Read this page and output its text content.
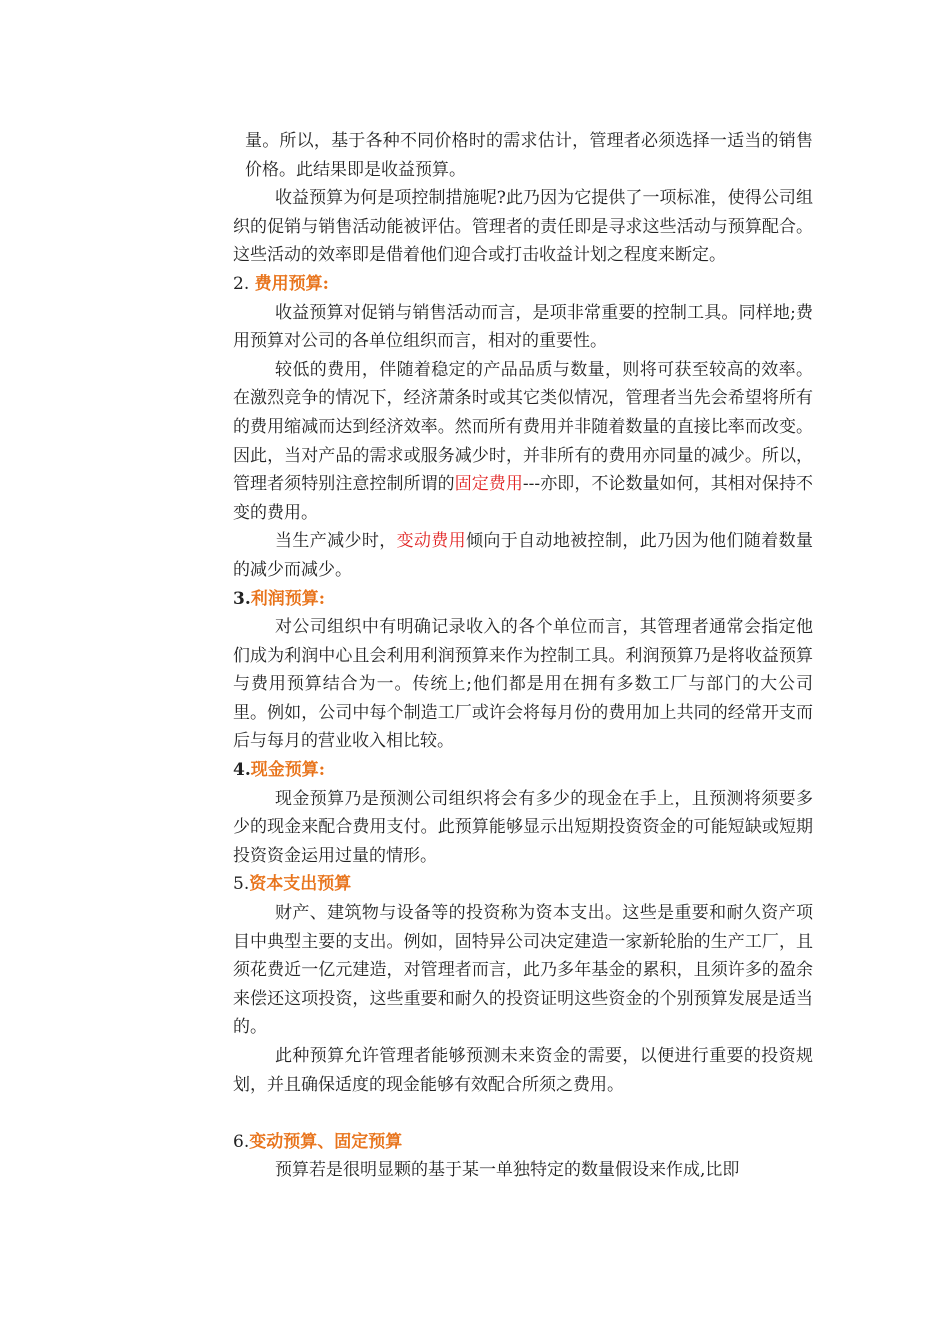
量。所以，基于各种不同价格时的需求估计，管理者必须选择一适当的销售价格。此结果即是收益预算。

收益预算为何是项控制措施呢?此乃因为它提供了一项标准，使得公司组织的促销与销售活动能被评估。管理者的责任即是寻求这些活动与预算配合。这些活动的效率即是借着他们迎合或打击收益计划之程度来断定。

2. 费用预算:

收益预算对促销与销售活动而言，是项非常重要的控制工具。同样地;费用预算对公司的各单位组织而言，相对的重要性。

较低的费用，伴随着稳定的产品品质与数量，则将可获至较高的效率。在激烈竞争的情况下，经济萧条时或其它类似情况，管理者当先会希望将所有的费用缩减而达到经济效率。然而所有费用并非随着数量的直接比率而改变。因此，当对产品的需求或服务减少时，并非所有的费用亦同量的减少。所以，管理者须特别注意控制所谓的固定费用---亦即，不论数量如何，其相对保持不变的费用。

当生产减少时，变动费用倾向于自动地被控制，此乃因为他们随着数量的减少而减少。

3.利润预算:

对公司组织中有明确记录收入的各个单位而言，其管理者通常会指定他们成为利润中心且会利用利润预算来作为控制工具。利润预算乃是将收益预算与费用预算结合为一。传统上;他们都是用在拥有多数工厂与部门的大公司里。例如，公司中每个制造工厂或许会将每月份的费用加上共同的经常开支而后与每月的营业收入相比较。

4.现金预算:

现金预算乃是预测公司组织将会有多少的现金在手上，且预测将须要多少的现金来配合费用支付。此预算能够显示出短期投资资金的可能短缺或短期投资资金运用过量的情形。

5.资本支出预算

财产、建筑物与设备等的投资称为资本支出。这些是重要和耐久资产项目中典型主要的支出。例如，固特异公司决定建造一家新轮胎的生产工厂，且须花费近一亿元建造，对管理者而言，此乃多年基金的累积，且须许多的盈余来偿还这项投资，这些重要和耐久的投资证明这些资金的个别预算发展是适当的。

此种预算允许管理者能够预测未来资金的需要，以便进行重要的投资规划，并且确保适度的现金能够有效配合所须之费用。

6.变动预算、固定预算

预算若是很明显颗的基于某一单独特定的数量假设来作成,比即
